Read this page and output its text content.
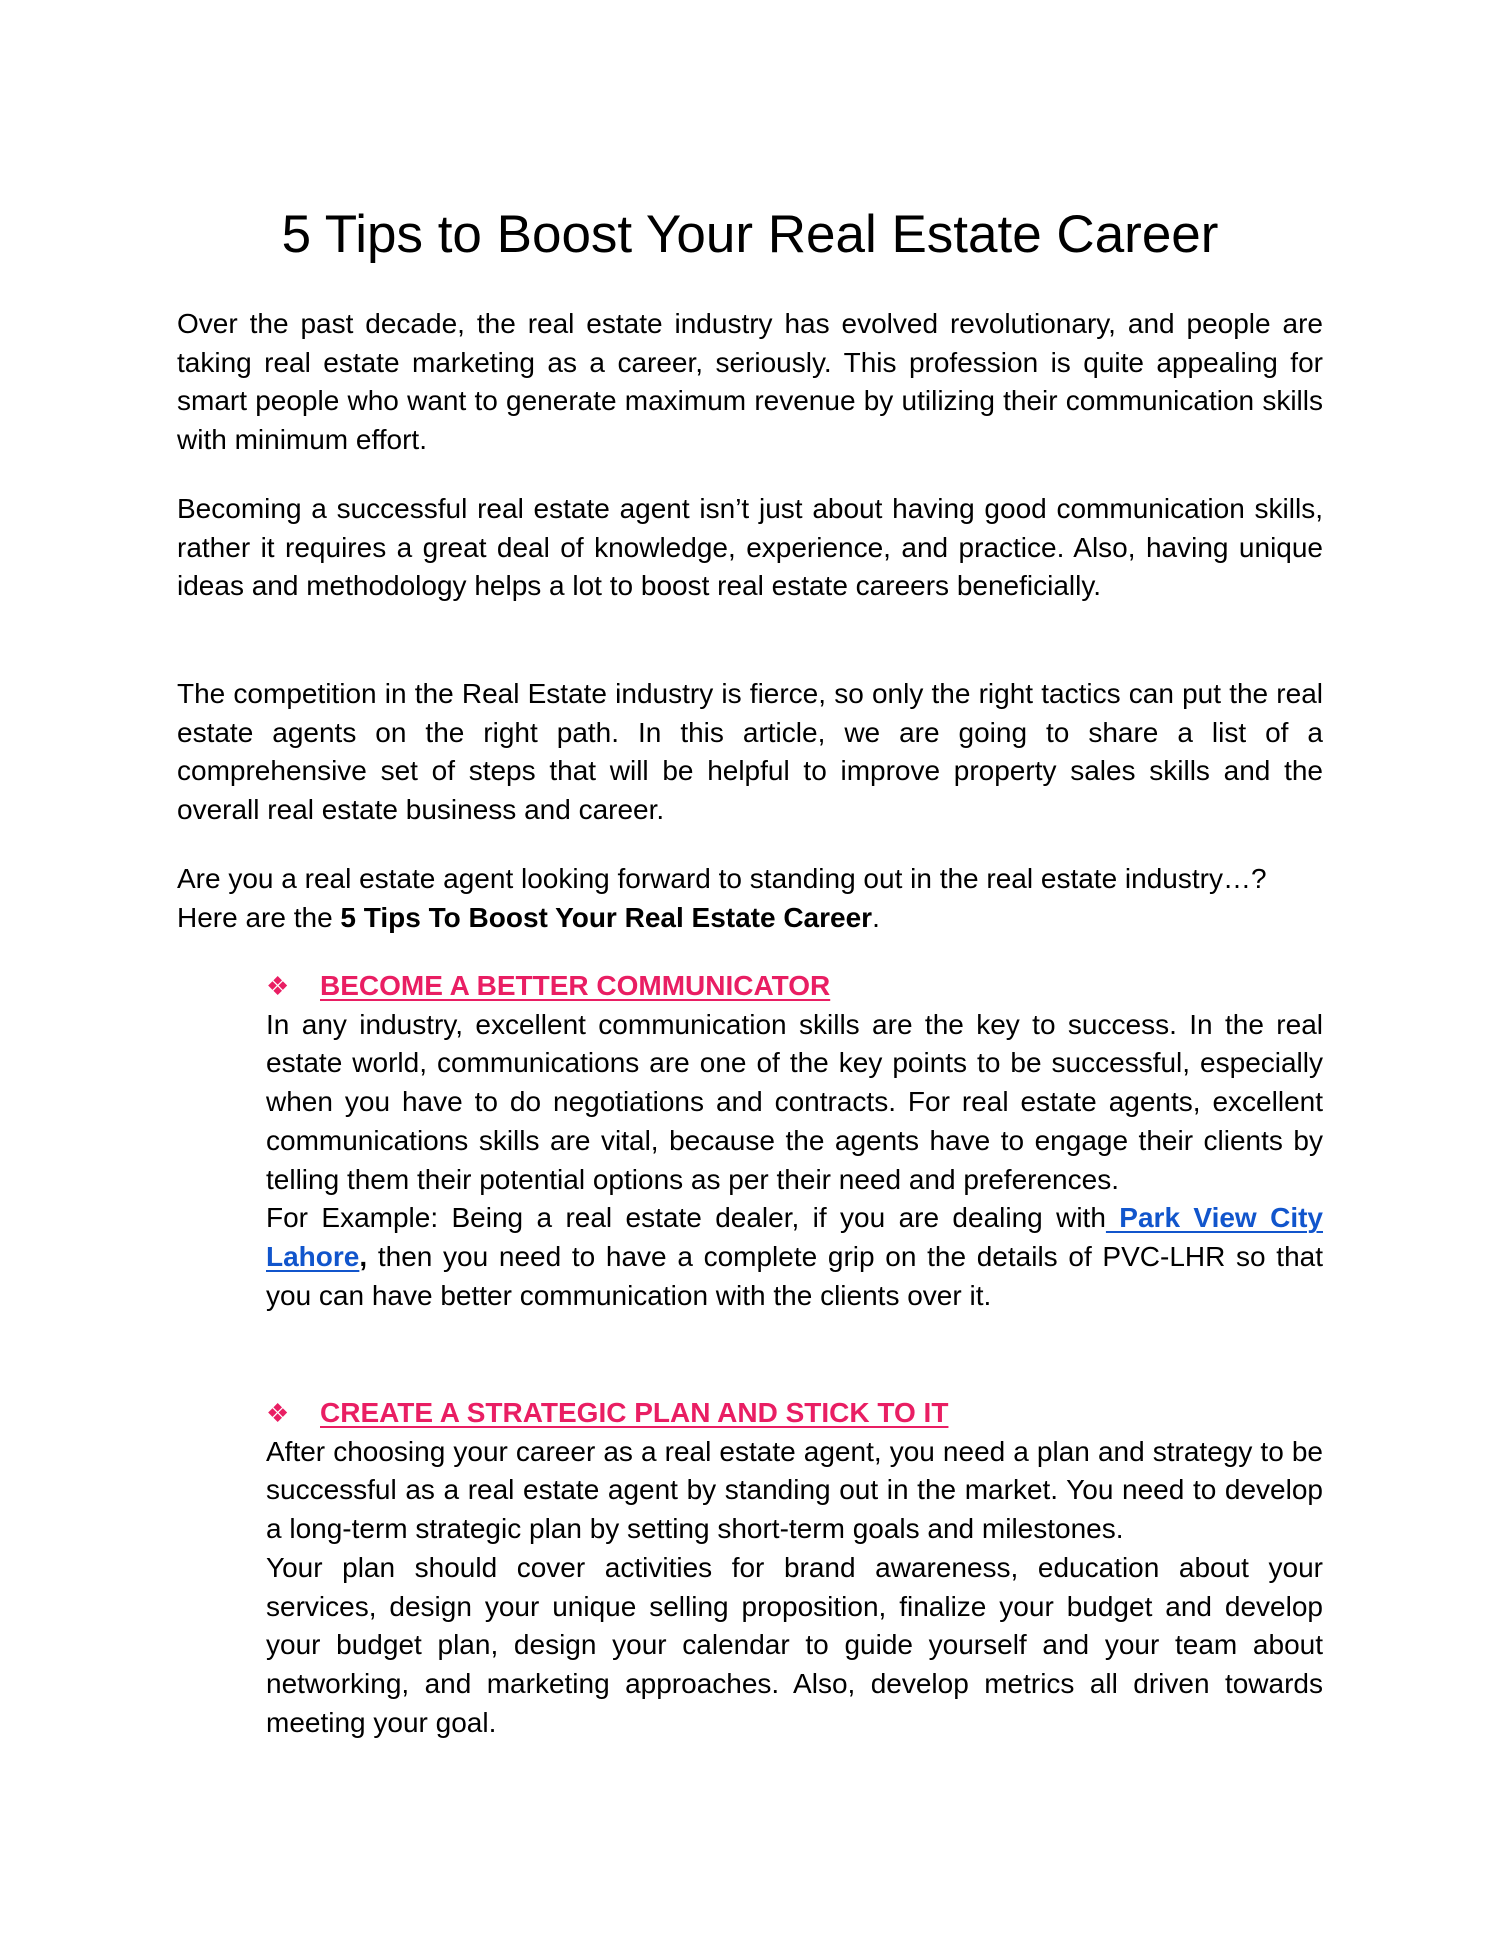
5 Tips to Boost Your Real Estate Career

Over the past decade, the real estate industry has evolved revolutionary, and people are taking real estate marketing as a career, seriously. This profession is quite appealing for smart people who want to generate maximum revenue by utilizing their communication skills with minimum effort.

Becoming a successful real estate agent isn’t just about having good communication skills, rather it requires a great deal of knowledge, experience, and practice. Also, having unique ideas and methodology helps a lot to boost real estate careers beneficially.

The competition in the Real Estate industry is fierce, so only the right tactics can put the real estate agents on the right path. In this article, we are going to share a list of a comprehensive set of steps that will be helpful to improve property sales skills and the overall real estate business and career.

Are you a real estate agent looking forward to standing out in the real estate industry…?
Here are the 5 Tips To Boost Your Real Estate Career.

❖ BECOME A BETTER COMMUNICATOR

In any industry, excellent communication skills are the key to success. In the real estate world, communications are one of the key points to be successful, especially when you have to do negotiations and contracts. For real estate agents, excellent communications skills are vital, because the agents have to engage their clients by telling them their potential options as per their need and preferences.

For Example: Being a real estate dealer, if you are dealing with Park View City Lahore, then you need to have a complete grip on the details of PVC-LHR so that you can have better communication with the clients over it.

❖ CREATE A STRATEGIC PLAN AND STICK TO IT

After choosing your career as a real estate agent, you need a plan and strategy to be successful as a real estate agent by standing out in the market. You need to develop a long-term strategic plan by setting short-term goals and milestones.

Your plan should cover activities for brand awareness, education about your services, design your unique selling proposition, finalize your budget and develop your budget plan, design your calendar to guide yourself and your team about networking, and marketing approaches. Also, develop metrics all driven towards meeting your goal.
